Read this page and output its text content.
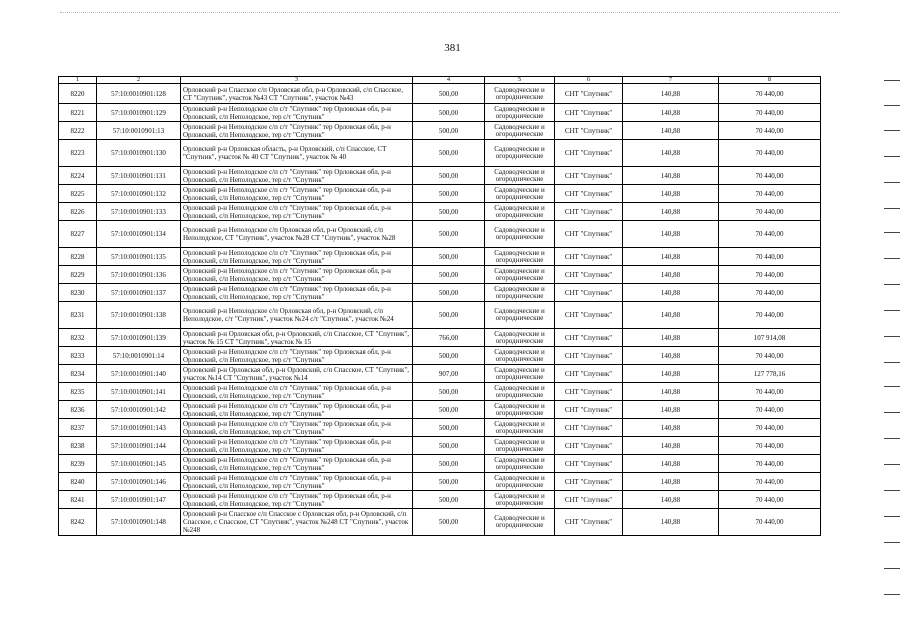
381
1	2	3	4	5	6	7	8
8220	57:10:0010901:128	Орловский р-н Спасское с/п Орловская обл, р-н Орловский, с/п Спасское, СТ "Спутник", участок №43 СТ "Спутник", участок №43	500,00	Садоводческие и огороднические	СНТ "Спутник"	140,88	70 440,00
8221	57:10:0010901:129	Орловский р-н Неполодское с/п с/т "Спутник" тер Орловская обл, р-н Орловский, с/п Неполодское, тер с/т "Спутник"	500,00	Садоводческие и огороднические	СНТ "Спутник"	140,88	70 440,00
8222	57:10:0010901:13	Орловский р-н Неполодское с/п с/т "Спутник" тер Орловская обл, р-н Орловский, с/п Неполодское, тер с/т "Спутник"	500,00	Садоводческие и огороднические	СНТ "Спутник"	140,88	70 440,00
8223	57:10:0010901:130	Орловский р-н Орловская область, р-н Орловский, с/п Спасское, СТ "Спутник", участок № 40 СТ "Спутник", участок № 40	500,00	Садоводческие и огороднические	СНТ "Спутник"	140,88	70 440,00
8224	57:10:0010901:131	Орловский р-н Неполодское с/п с/т "Спутник" тер Орловская обл, р-н Орловский, с/п Неполодское, тер с/т "Спутник"	500,00	Садоводческие и огороднические	СНТ "Спутник"	140,88	70 440,00
8225	57:10:0010901:132	Орловский р-н Неполодское с/п с/т "Спутник" тер Орловская обл, р-н Орловский, с/п Неполодское, тер с/т "Спутник"	500,00	Садоводческие и огороднические	СНТ "Спутник"	140,88	70 440,00
8226	57:10:0010901:133	Орловский р-н Неполодское с/п с/т "Спутник" тер Орловская обл, р-н Орловский, с/п Неполодское, тер с/т "Спутник"	500,00	Садоводческие и огороднические	СНТ "Спутник"	140,88	70 440,00
8227	57:10:0010901:134	Орловский р-н Неполодское с/п Орловская обл, р-н Орловский, с/п Неполодское, СТ "Спутник", участок №28 СТ "Спутник", участок №28	500,00	Садоводческие и огороднические	СНТ "Спутник"	140,88	70 440,00
8228	57:10:0010901:135	Орловский р-н Неполодское с/п с/т "Спутник" тер Орловская обл, р-н Орловский, с/п Неполодское, тер с/т "Спутник"	500,00	Садоводческие и огороднические	СНТ "Спутник"	140,88	70 440,00
8229	57:10:0010901:136	Орловский р-н Неполодское с/п с/т "Спутник" тер Орловская обл, р-н Орловский, с/п Неполодское, тер с/т "Спутник"	500,00	Садоводческие и огороднические	СНТ "Спутник"	140,88	70 440,00
8230	57:10:0010901:137	Орловский р-н Неполодское с/п с/т "Спутник" тер Орловская обл, р-н Орловский, с/п Неполодское, тер с/т "Спутник"	500,00	Садоводческие и огороднические	СНТ "Спутник"	140,88	70 440,00
8231	57:10:0010901:138	Орловский р-н Неполодское с/п Орловская обл, р-н Орловский, с/п Неполодское, с/т "Спутник", участок №24 с/т "Спутник", участок №24	500,00	Садоводческие и огороднические	СНТ "Спутник"	140,88	70 440,00
8232	57:10:0010901:139	Орловский р-н Орловская обл, р-н Орловский, с/п Спасское, СТ "Спутник", участок № 15 СТ "Спутник", участок № 15	766,00	Садоводческие и огороднические	СНТ "Спутник"	140,88	107 914,08
8233	57:10:0010901:14	Орловский р-н Неполодское с/п с/т "Спутник" тер Орловская обл, р-н Орловский, с/п Неполодское, тер с/т "Спутник"	500,00	Садоводческие и огороднические	СНТ "Спутник"	140,88	70 440,00
8234	57:10:0010901:140	Орловский р-н Орловская обл, р-н Орловский, с/п Спасское, СТ "Спутник", участок №14 СТ "Спутник", участок №14	907,00	Садоводческие и огороднические	СНТ "Спутник"	140,88	127 778,16
8235	57:10:0010901:141	Орловский р-н Неполодское с/п с/т "Спутник" тер Орловская обл, р-н Орловский, с/п Неполодское, тер с/т "Спутник"	500,00	Садоводческие и огороднические	СНТ "Спутник"	140,88	70 440,00
8236	57:10:0010901:142	Орловский р-н Неполодское с/п с/т "Спутник" тер Орловская обл, р-н Орловский, с/п Неполодское, тер с/т "Спутник"	500,00	Садоводческие и огороднические	СНТ "Спутник"	140,88	70 440,00
8237	57:10:0010901:143	Орловский р-н Неполодское с/п с/т "Спутник" тер Орловская обл, р-н Орловский, с/п Неполодское, тер с/т "Спутник"	500,00	Садоводческие и огороднические	СНТ "Спутник"	140,88	70 440,00
8238	57:10:0010901:144	Орловский р-н Неполодское с/п с/т "Спутник" тер Орловская обл, р-н Орловский, с/п Неполодское, тер с/т "Спутник"	500,00	Садоводческие и огороднические	СНТ "Спутник"	140,88	70 440,00
8239	57:10:0010901:145	Орловский р-н Неполодское с/п с/т "Спутник" тер Орловская обл, р-н Орловский, с/п Неполодское, тер с/т "Спутник"	500,00	Садоводческие и огороднические	СНТ "Спутник"	140,88	70 440,00
8240	57:10:0010901:146	Орловский р-н Неполодское с/п с/т "Спутник" тер Орловская обл, р-н Орловский, с/п Неполодское, тер с/т "Спутник"	500,00	Садоводческие и огороднические	СНТ "Спутник"	140,88	70 440,00
8241	57:10:0010901:147	Орловский р-н Неполодское с/п с/т "Спутник" тер Орловская обл, р-н Орловский, с/п Неполодское, тер с/т "Спутник"	500,00	Садоводческие и огороднические	СНТ "Спутник"	140,88	70 440,00
8242	57:10:0010901:148	Орловский р-н Спасское с/п Спасское с Орловская обл, р-н Орловский, с/п Спасское, с Спасское, СТ "Спутник", участок №248 СТ "Спутник", участок №248	500,00	Садоводческие и огороднические	СНТ "Спутник"	140,88	70 440,00
